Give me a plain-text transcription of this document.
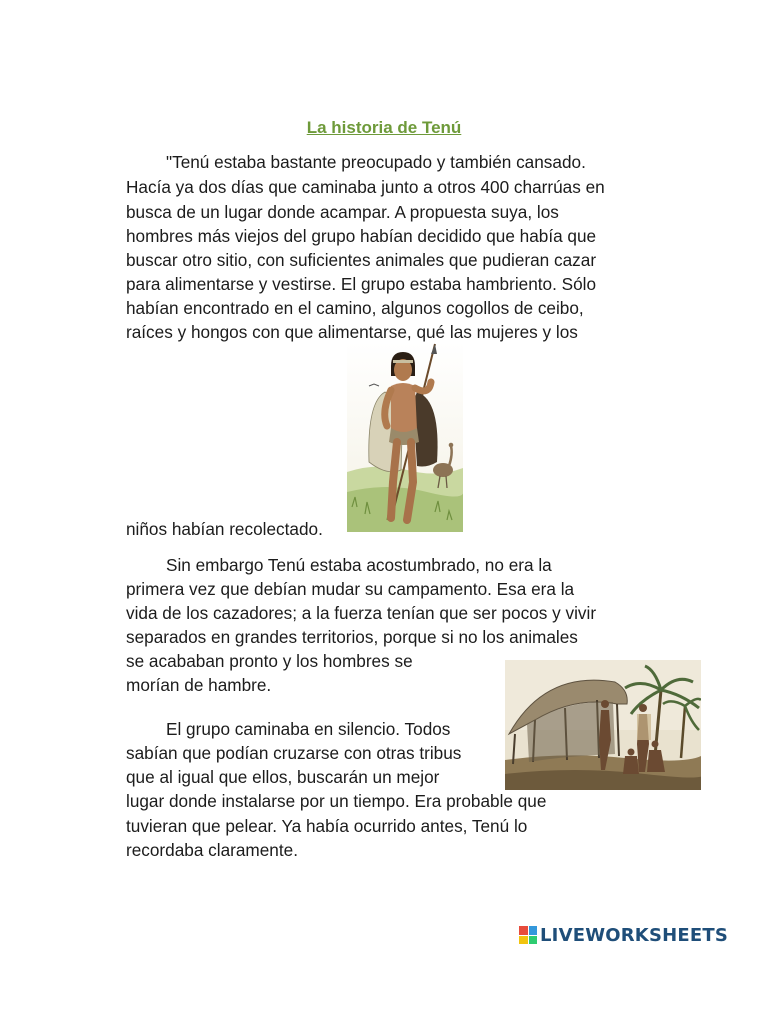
La historia de Tenú
"Tenú estaba bastante preocupado y también cansado.
Hacía ya dos días que caminaba junto a otros 400 charrúas en
busca de un lugar donde acampar. A propuesta suya, los
hombres más viejos del grupo habían decidido que había que
buscar otro sitio, con suficientes animales que pudieran cazar
para alimentarse y vestirse. El grupo estaba hambriento. Sólo
habían encontrado en el camino, algunos cogollos de ceibo,
raíces y hongos con que alimentarse, qué las mujeres y los
niños habían recolectado.
Sin embargo Tenú estaba acostumbrado, no era la
primera vez que debían mudar su campamento. Esa era la
vida de los cazadores; a la fuerza tenían que ser pocos y vivir
separados en grandes territorios, porque si no los animales
se acababan pronto y los hombres se
morían de hambre.
El grupo caminaba en silencio. Todos
sabían que podían cruzarse con otras tribus
que al igual que ellos, buscarán un mejor
lugar donde instalarse por un tiempo. Era probable que
tuvieran que pelear. Ya había ocurrido antes, Tenú lo
recordaba claramente.
LIVEWORKSHEETS
